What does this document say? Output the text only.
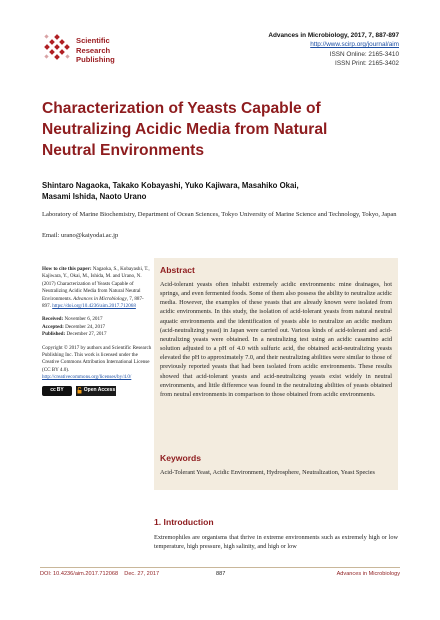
Scientific
Research
Publishing
Advances in Microbiology, 2017, 7, 887-897
http://www.scirp.org/journal/aim
ISSN Online: 2165-3410
ISSN Print: 2165-3402
Characterization of Yeasts Capable of Neutralizing Acidic Media from Natural Neutral Environments
Shintaro Nagaoka, Takako Kobayashi, Yuko Kajiwara, Masahiko Okai,
Masami Ishida, Naoto Urano
Laboratory of Marine Biochemistry, Department of Ocean Sciences, Tokyo University of Marine Science and Technology, Tokyo, Japan
Email: urano@kaiyodai.ac.jp
How to cite this paper: Nagaoka, S., Kobayashi, T., Kajiwara, Y., Okai, M., Ishida, M. and Urano, N. (2017) Characterization of Yeasts Capable of Neutralizing Acidic Media from Natural Neutral Environments. Advances in Microbiology, 7, 887-897. https://doi.org/10.4236/aim.2017.712068
Received: November 6, 2017
Accepted: December 24, 2017
Published: December 27, 2017
Copyright © 2017 by authors and Scientific Research Publishing Inc. This work is licensed under the Creative Commons Attribution International License (CC BY 4.0).
http://creativecommons.org/licenses/by/4.0/
cc BY	Open Access
Abstract
Acid-tolerant yeasts often inhabit extremely acidic environments: mine drainages, hot springs, and even fermented foods. Some of them also possess the ability to neutralize acidic media. However, the examples of these yeasts that are already known were isolated from acidic environments. In this study, the isolation of acid-tolerant yeasts from natural neutral aquatic environments and the identification of yeasts able to neutralize an acidic medium (acid-neutralizing yeast) in Japan were carried out. Various kinds of acid-tolerant and acid-neutralizing yeasts were obtained. In a neutralizing test using an acidic casamino acid solution adjusted to a pH of 4.0 with sulfuric acid, the obtained acid-neutralizing yeasts elevated the pH to approximately 7.0, and their neutralizing abilities were similar to those of previously reported yeasts that had been isolated from acidic environments. These results showed that acid-tolerant yeasts and acid-neutralizing yeasts exist widely in neutral environments, and little difference was found in the neutralizing abilities of yeasts obtained from neutral environments in comparison to those obtained from acidic environments.
Keywords
Acid-Tolerant Yeast, Acidic Environment, Hydrosphere, Neutralization, Yeast Species
1. Introduction
Extremophiles are organisms that thrive in extreme environments such as extremely high or low temperature, high pressure, high salinity, and high or low
DOI: 10.4236/aim.2017.712068 Dec. 27, 2017	887	Advances in Microbiology
